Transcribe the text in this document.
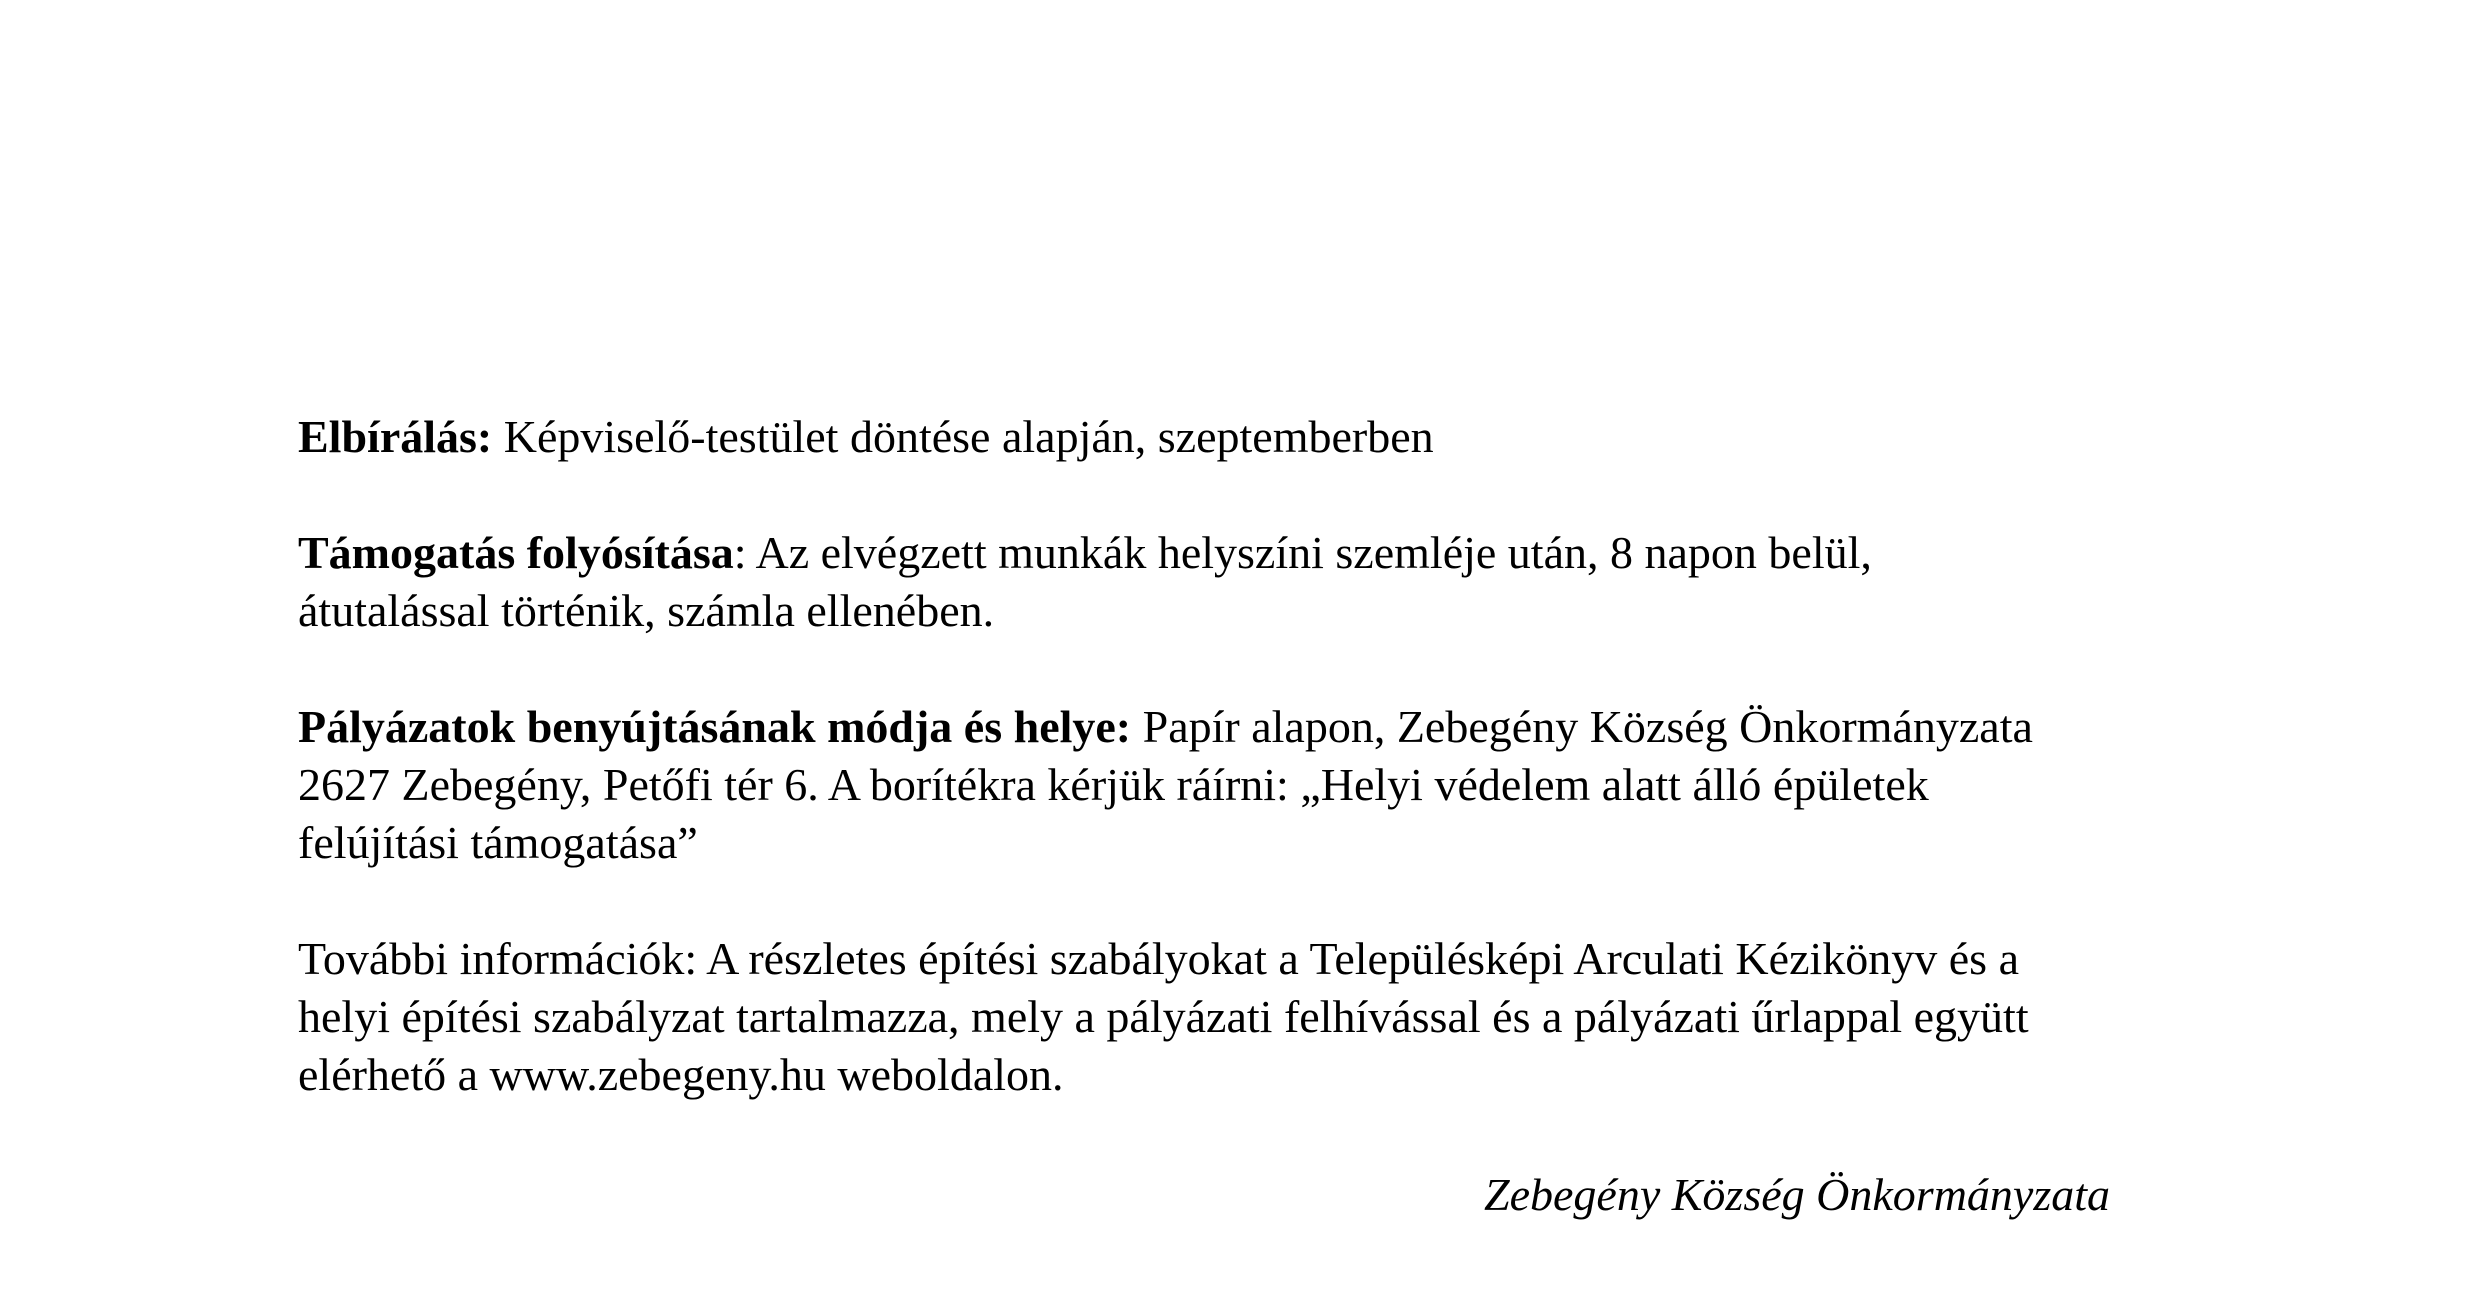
Elbírálás: Képviselő-testület döntése alapján, szeptemberben

Támogatás folyósítása: Az elvégzett munkák helyszíni szemléje után, 8 napon belül,
átutalással történik, számla ellenében.

Pályázatok benyújtásának módja és helye: Papír alapon, Zebegény Község Önkormányzata
2627 Zebegény, Petőfi tér 6. A borítékra kérjük ráírni: „Helyi védelem alatt álló épületek
felújítási támogatása”

További információk: A részletes építési szabályokat a Településképi Arculati Kézikönyv és a
helyi építési szabályzat tartalmazza, mely a pályázati felhívással és a pályázati űrlappal együtt
elérhető a www.zebegeny.hu weboldalon.

Zebegény Község Önkormányzata
